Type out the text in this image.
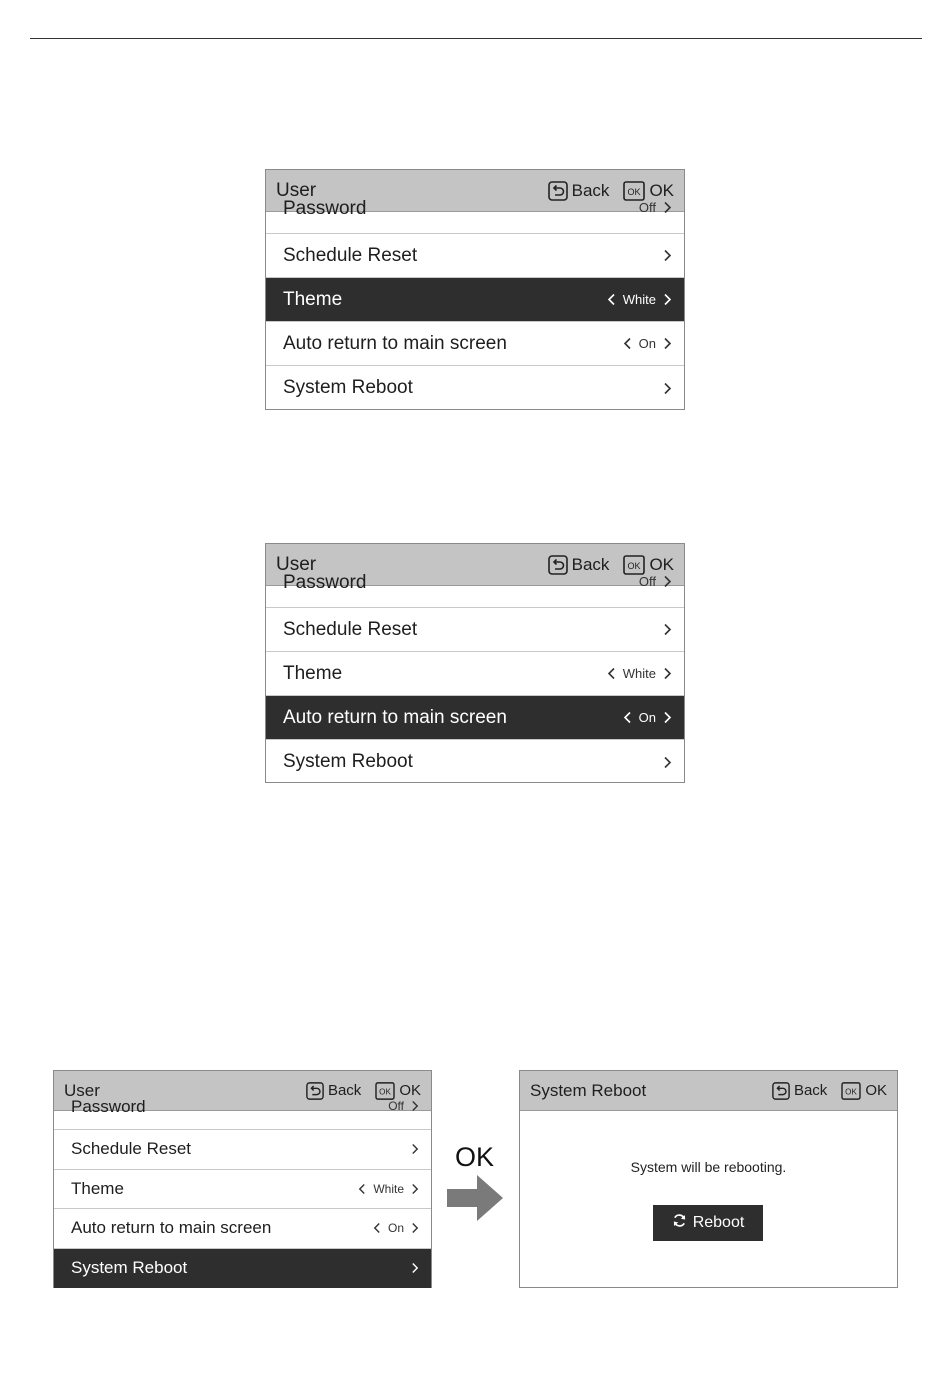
User	Back OK OK
Password	Off
Schedule Reset
Theme	White
Auto return to main screen	On
System Reboot
User	Back OK OK
Password	Off
Schedule Reset
Theme	White
Auto return to main screen	On
System Reboot
User	Back OK OK
Password	Off
Schedule Reset
Theme	White
Auto return to main screen	On
System Reboot
OK
System Reboot	Back OK OK
System will be rebooting.
Reboot
